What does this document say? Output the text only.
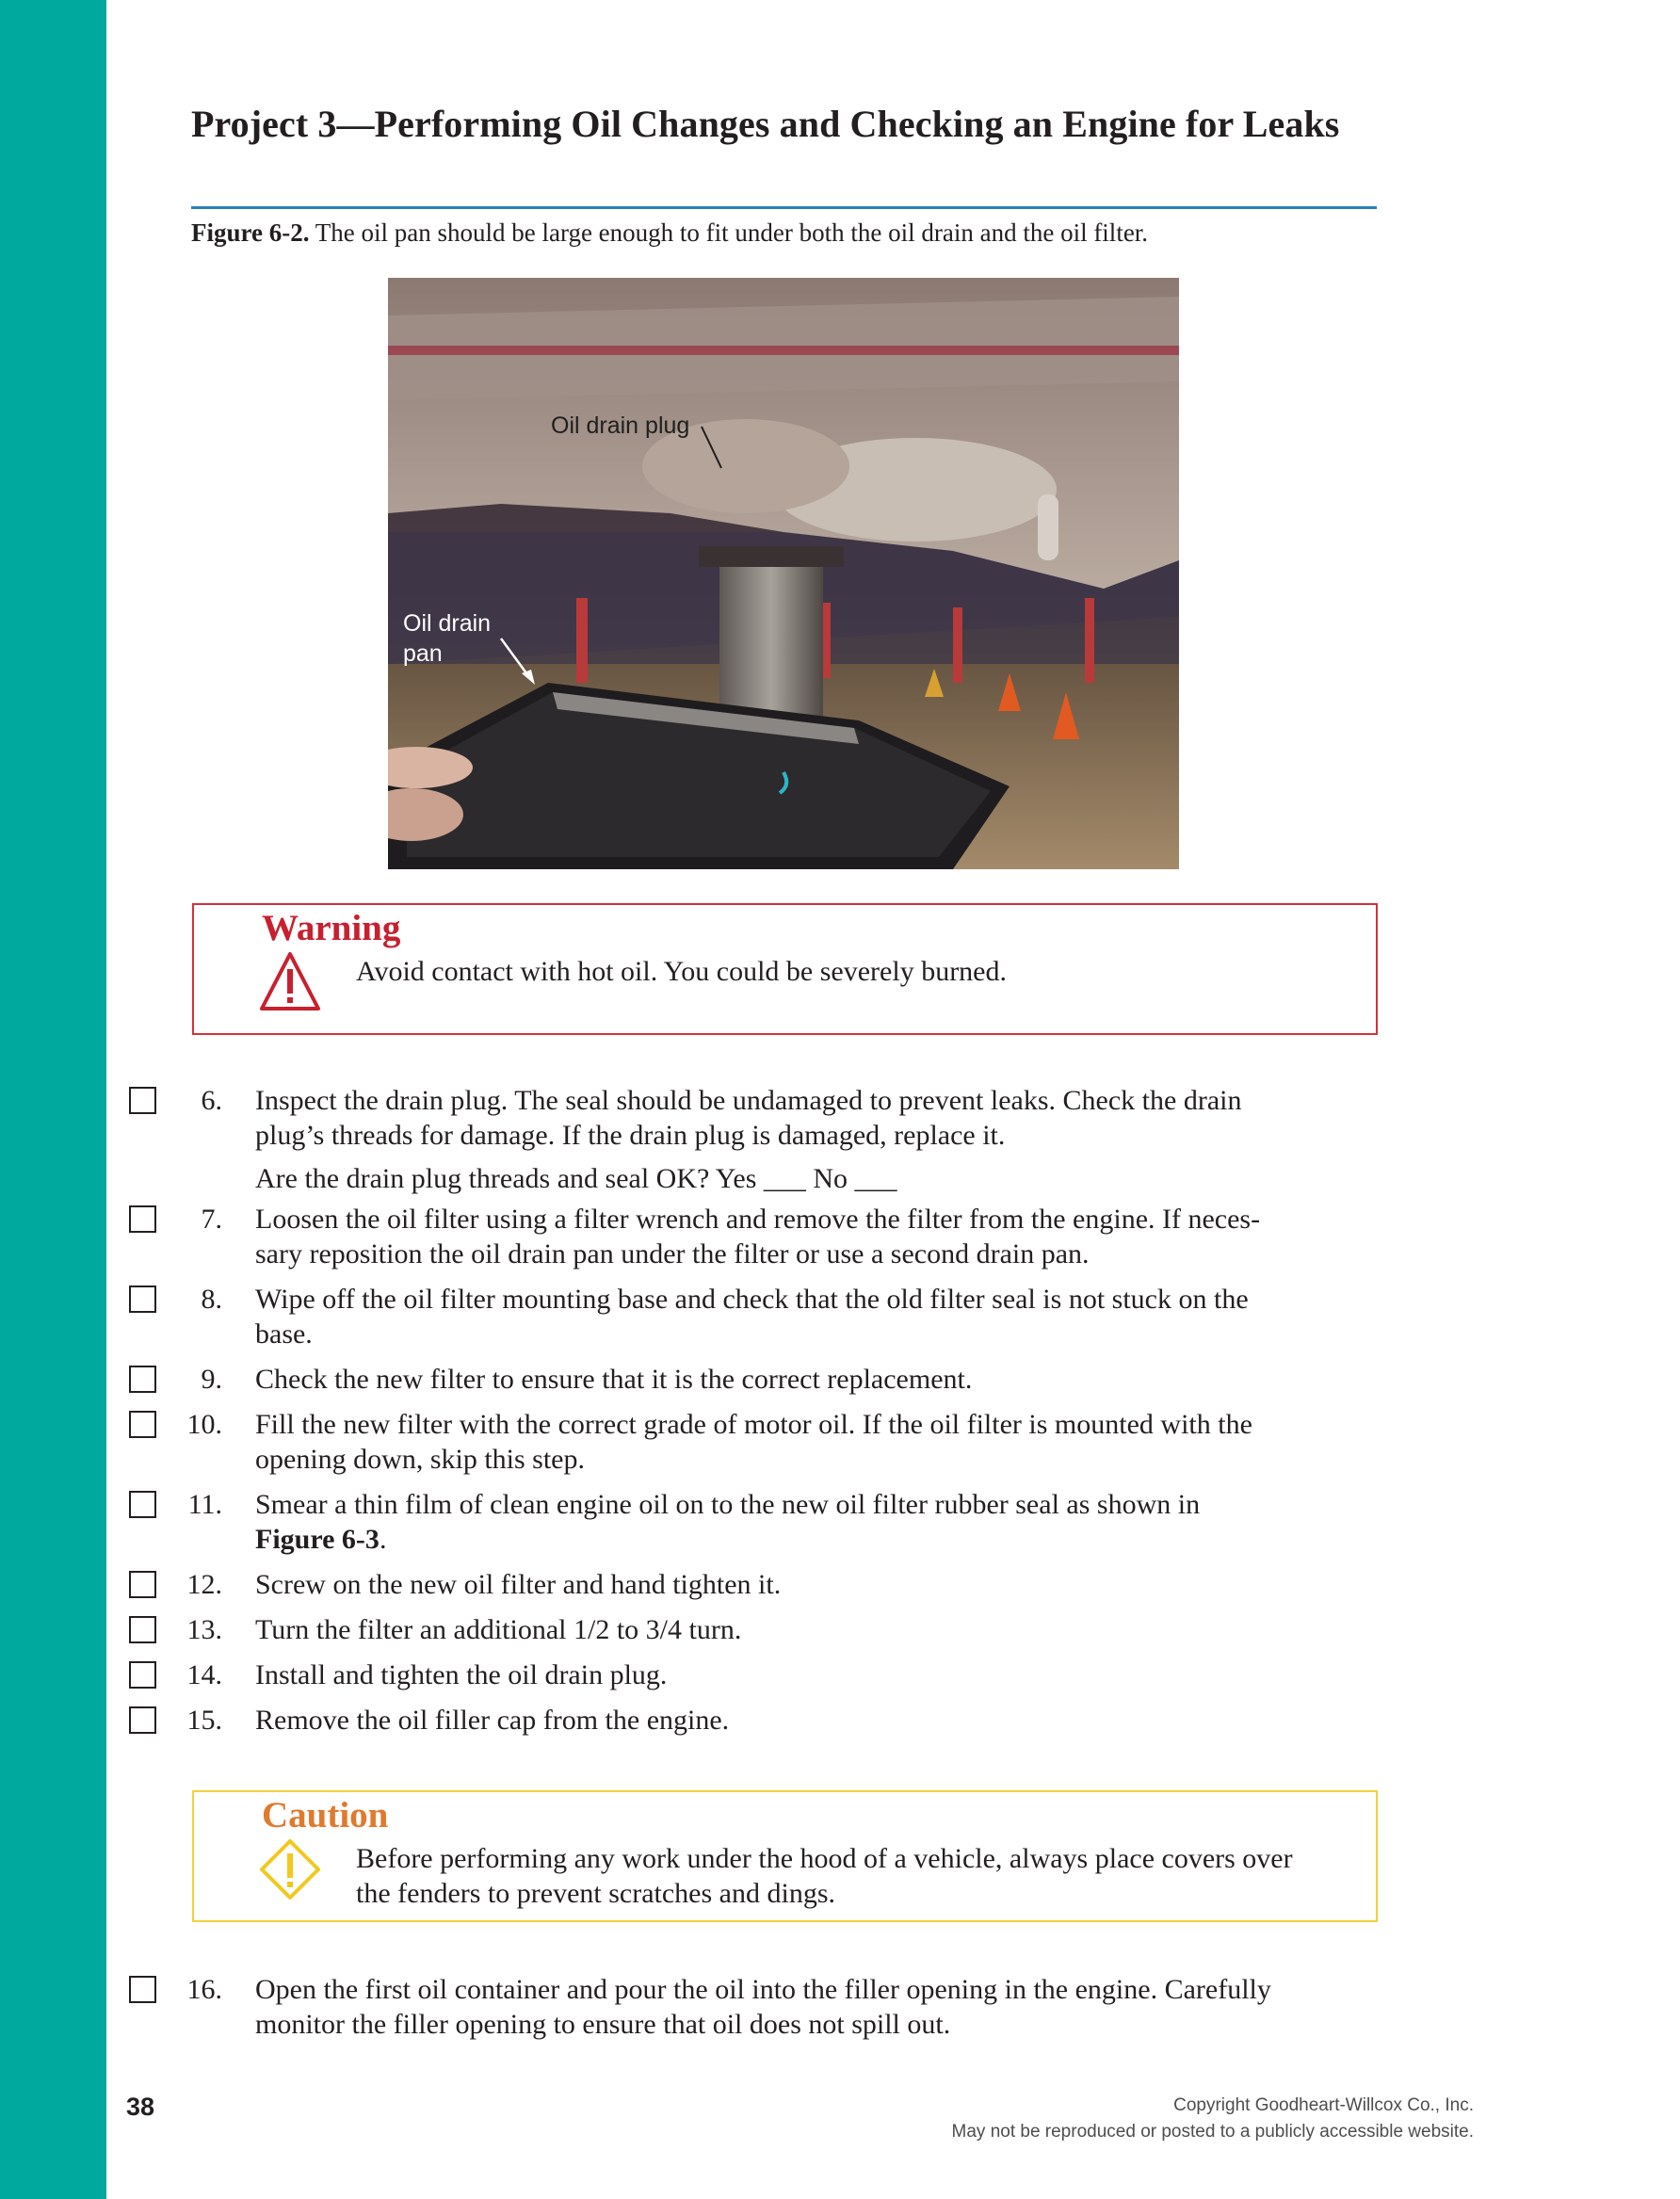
Project 3—Performing Oil Changes and Checking an Engine for Leaks
Figure 6-2. The oil pan should be large enough to fit under both the oil drain and the oil filter.
Oil drain plug
Oil drain
pan
Warning
Avoid contact with hot oil. You could be severely burned.
6. Inspect the drain plug. The seal should be undamaged to prevent leaks. Check the drain

plug’s threads for damage. If the drain plug is damaged, replace it.

Are the drain plug threads and seal OK? Yes ___ No ___

7. Loosen the oil filter using a filter wrench and remove the filter from the engine. If neces-

sary reposition the oil drain pan under the filter or use a second drain pan.

8. Wipe off the oil filter mounting base and check that the old filter seal is not stuck on the

base.

9. Check the new filter to ensure that it is the correct replacement.

10. Fill the new filter with the correct grade of motor oil. If the oil filter is mounted with the

opening down, skip this step.

11. Smear a thin film of clean engine oil on to the new oil filter rubber seal as shown in

Figure 6-3.

12. Screw on the new oil filter and hand tighten it.

13. Turn the filter an additional 1/2 to 3/4 turn.

14. Install and tighten the oil drain plug.

15. Remove the oil filler cap from the engine.

Caution
Before performing any work under the hood of a vehicle, always place covers over
the fenders to prevent scratches and dings.
16. Open the first oil container and pour the oil into the filler opening in the engine. Carefully

monitor the filler opening to ensure that oil does not spill out.

38	Copyright Goodheart-Willcox Co., Inc.
May not be reproduced or posted to a publicly accessible website.
